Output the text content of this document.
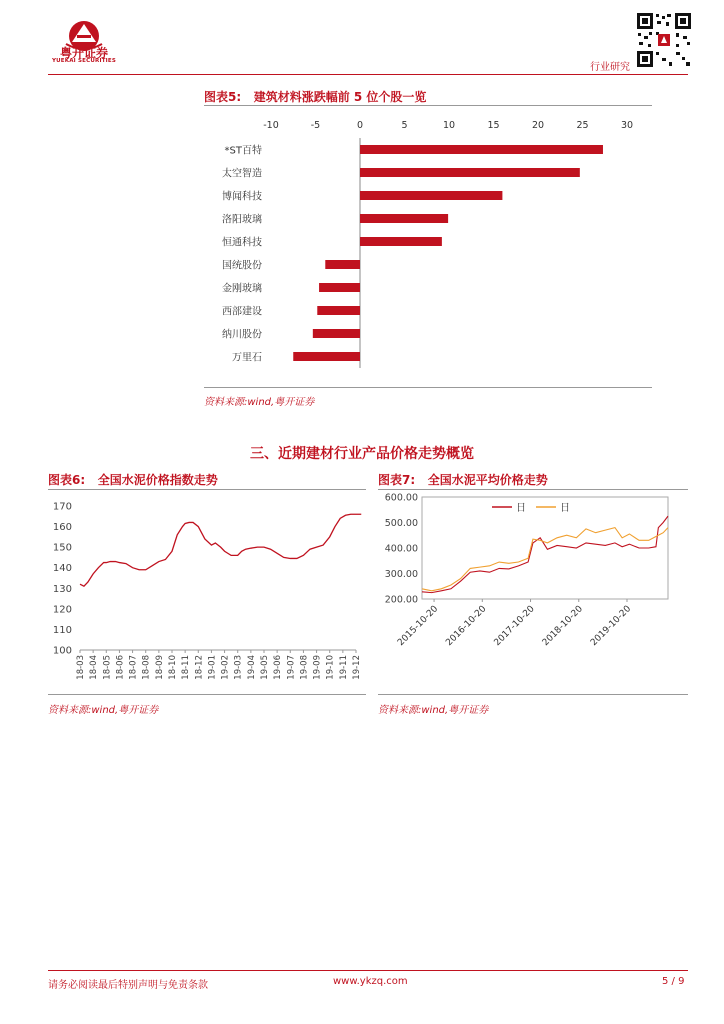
粤开证券
YUEKAI SECURITIES
行业研究
图表5: 建筑材料涨跌幅前 5 位个股一览
-10	-5	0	5	10	15	20	25	30
*ST百特
太空智造
博闻科技
洛阳玻璃
恒通科技
国统股份
金刚玻璃
西部建设
纳川股份
万里石
资料来源:wind,粤开证券
三、近期建材行业产品价格走势概览
图表6: 全国水泥价格指数走势
100
110
120
130
140
150
160
170
18-03 18-04 18-05 18-06 18-07 18-08 18-09 18-10 18-11 18-12 19-01 19-02 19-03 19-04 19-05 19-06 19-07 19-08 19-09 19-10 19-11 19-12
资料来源:wind,粤开证券
图表7: 全国水泥平均价格走势
200.00
300.00
400.00
500.00
600.00
2015-10-20 2016-10-20 2017-10-20 2018-10-20 2019-10-20
日	日
资料来源:wind,粤开证券
请务必阅读最后特别声明与免责条款	www.ykzq.com	5 / 9
